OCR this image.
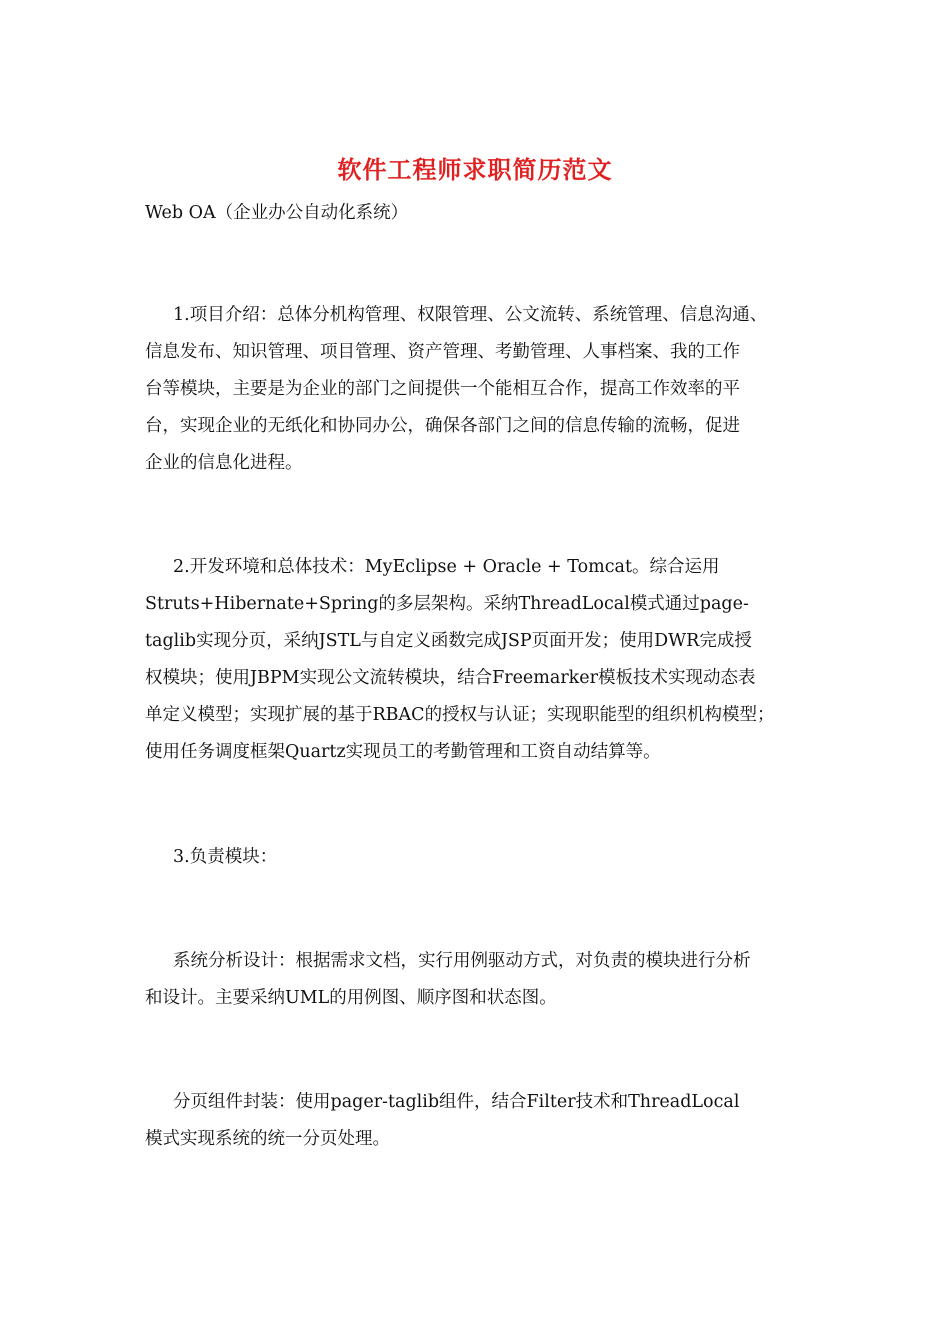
软件工程师求职简历范文

Web OA（企业办公自动化系统）

1.项目介绍：总体分机构管理、权限管理、公文流转、系统管理、信息沟通、

信息发布、知识管理、项目管理、资产管理、考勤管理、人事档案、我的工作

台等模块，主要是为企业的部门之间提供一个能相互合作，提高工作效率的平

台，实现企业的无纸化和协同办公，确保各部门之间的信息传输的流畅，促进

企业的信息化进程。

2.开发环境和总体技术：MyEclipse + Oracle + Tomcat。综合运用

Struts+Hibernate+Spring的多层架构。采纳ThreadLocal模式通过page-

taglib实现分页，采纳JSTL与自定义函数完成JSP页面开发；使用DWR完成授

权模块；使用JBPM实现公文流转模块，结合Freemarker模板技术实现动态表

单定义模型；实现扩展的基于RBAC的授权与认证；实现职能型的组织机构模型；

使用任务调度框架Quartz实现员工的考勤管理和工资自动结算等。

3.负责模块：

系统分析设计：根据需求文档，实行用例驱动方式，对负责的模块进行分析

和设计。主要采纳UML的用例图、顺序图和状态图。

分页组件封装：使用pager-taglib组件，结合Filter技术和ThreadLocal

模式实现系统的统一分页处理。
